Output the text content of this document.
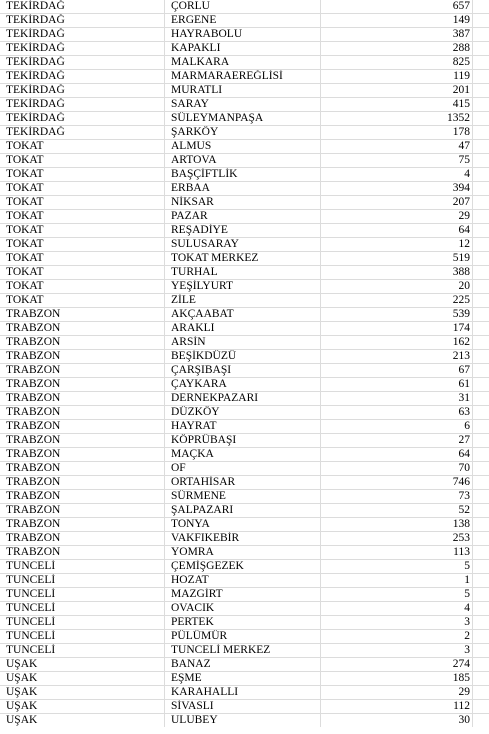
TEKİRDAĞ	ÇORLU	657
TEKİRDAĞ	ERGENE	149
TEKİRDAĞ	HAYRABOLU	387
TEKİRDAĞ	KAPAKLI	288
TEKİRDAĞ	MALKARA	825
TEKİRDAĞ	MARMARAEREĞLİSİ	119
TEKİRDAĞ	MURATLI	201
TEKİRDAĞ	SARAY	415
TEKİRDAĞ	SÜLEYMANPAŞA	1352
TEKİRDAĞ	ŞARKÖY	178
TOKAT	ALMUS	47
TOKAT	ARTOVA	75
TOKAT	BAŞÇİFTLİK	4
TOKAT	ERBAA	394
TOKAT	NİKSAR	207
TOKAT	PAZAR	29
TOKAT	REŞADİYE	64
TOKAT	SULUSARAY	12
TOKAT	TOKAT MERKEZ	519
TOKAT	TURHAL	388
TOKAT	YEŞİLYURT	20
TOKAT	ZİLE	225
TRABZON	AKÇAABAT	539
TRABZON	ARAKLI	174
TRABZON	ARSİN	162
TRABZON	BEŞİKDÜZÜ	213
TRABZON	ÇARŞIBAŞI	67
TRABZON	ÇAYKARA	61
TRABZON	DERNEKPAZARI	31
TRABZON	DÜZKÖY	63
TRABZON	HAYRAT	6
TRABZON	KÖPRÜBAŞI	27
TRABZON	MAÇKA	64
TRABZON	OF	70
TRABZON	ORTAHİSAR	746
TRABZON	SÜRMENE	73
TRABZON	ŞALPAZARI	52
TRABZON	TONYA	138
TRABZON	VAKFIKEBİR	253
TRABZON	YOMRA	113
TUNCELİ	ÇEMİŞGEZEK	5
TUNCELİ	HOZAT	1
TUNCELİ	MAZGİRT	5
TUNCELİ	OVACIK	4
TUNCELİ	PERTEK	3
TUNCELİ	PÜLÜMÜR	2
TUNCELİ	TUNCELİ MERKEZ	3
UŞAK	BANAZ	274
UŞAK	EŞME	185
UŞAK	KARAHALLI	29
UŞAK	SİVASLI	112
UŞAK	ULUBEY	30
